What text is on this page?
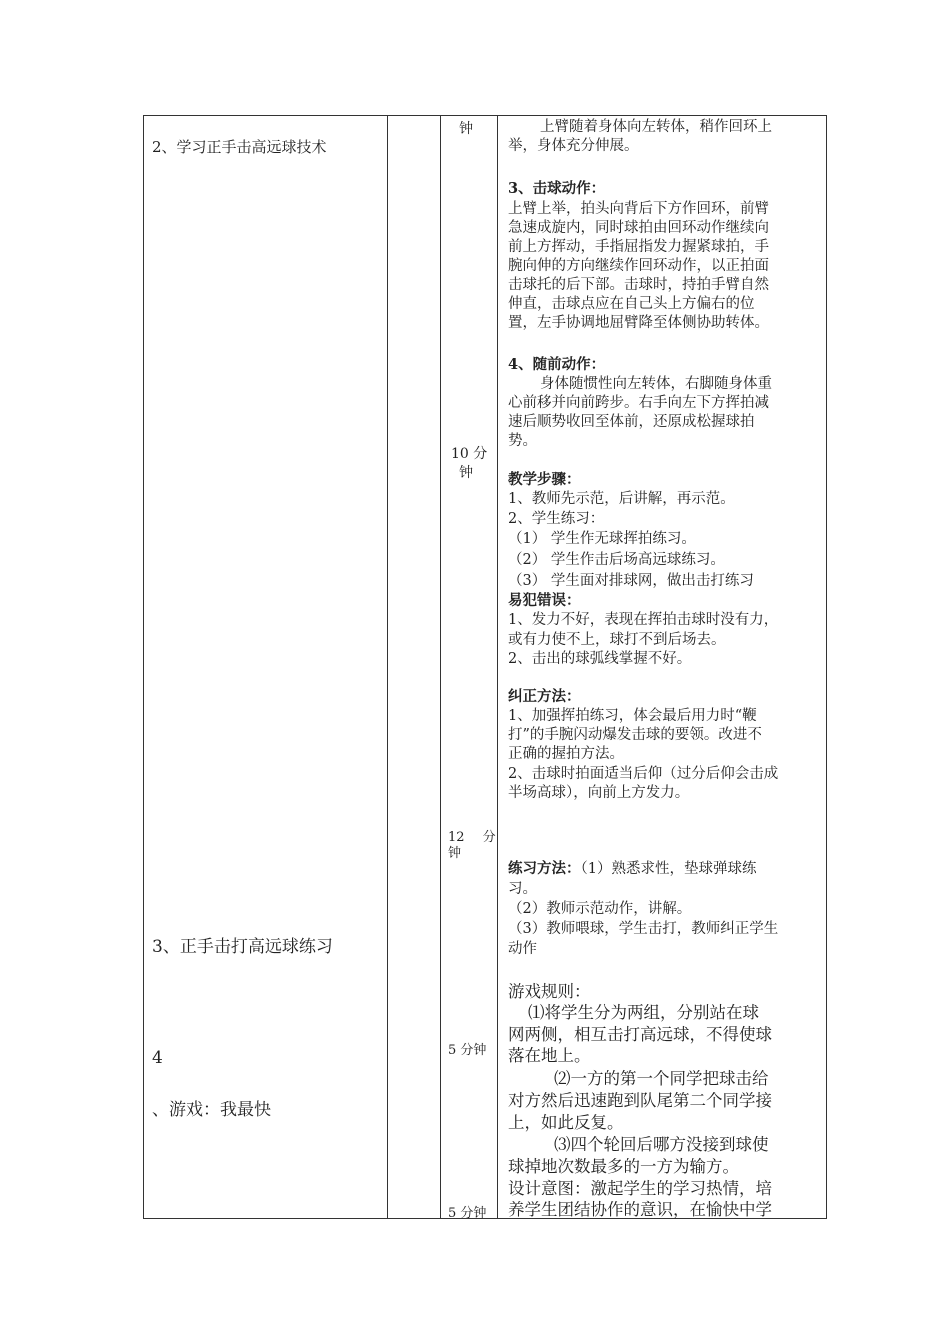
2、学习正手击高远球技术
3、正手击打高远球练习
4
、游戏：我最快
钟
10 分
钟
12 分
钟
5 分钟
5 分钟
上臂随着身体向左转体，稍作回环上
举，身体充分伸展。
3、击球动作：
上臂上举，拍头向背后下方作回环，前臂
急速成旋内，同时球拍由回环动作继续向
前上方挥动，手指屈指发力握紧球拍，手
腕向伸的方向继续作回环动作，以正拍面
击球托的后下部。击球时，持拍手臂自然
伸直，击球点应在自己头上方偏右的位
置，左手协调地屈臂降至体侧协助转体。
4、随前动作：
身体随惯性向左转体，右脚随身体重
心前移并向前跨步。右手向左下方挥拍减
速后顺势收回至体前，还原成松握球拍
势。
教学步骤：
1、教师先示范，后讲解，再示范。
2、学生练习：
（1） 学生作无球挥拍练习。
（2） 学生作击后场高远球练习。
（3） 学生面对排球网，做出击打练习
易犯错误：
1、发力不好，表现在挥拍击球时没有力，
或有力使不上，球打不到后场去。
2、击出的球弧线掌握不好。
纠正方法：
1、加强挥拍练习，体会最后用力时“鞭
打”的手腕闪动爆发击球的要领。改进不
正确的握拍方法。
2、击球时拍面适当后仰（过分后仰会击成
半场高球），向前上方发力。
练习方法：（1）熟悉求性，垫球弹球练
习。
（2）教师示范动作，讲解。
（3）教师喂球，学生击打，教师纠正学生
动作
游戏规则：
⑴将学生分为两组，分别站在球
网两侧，相互击打高远球，不得使球
落在地上。
⑵一方的第一个同学把球击给
对方然后迅速跑到队尾第二个同学接
上，如此反复。
⑶四个轮回后哪方没接到球使
球掉地次数最多的一方为输方。
设计意图：激起学生的学习热情，培
养学生团结协作的意识，在愉快中学
